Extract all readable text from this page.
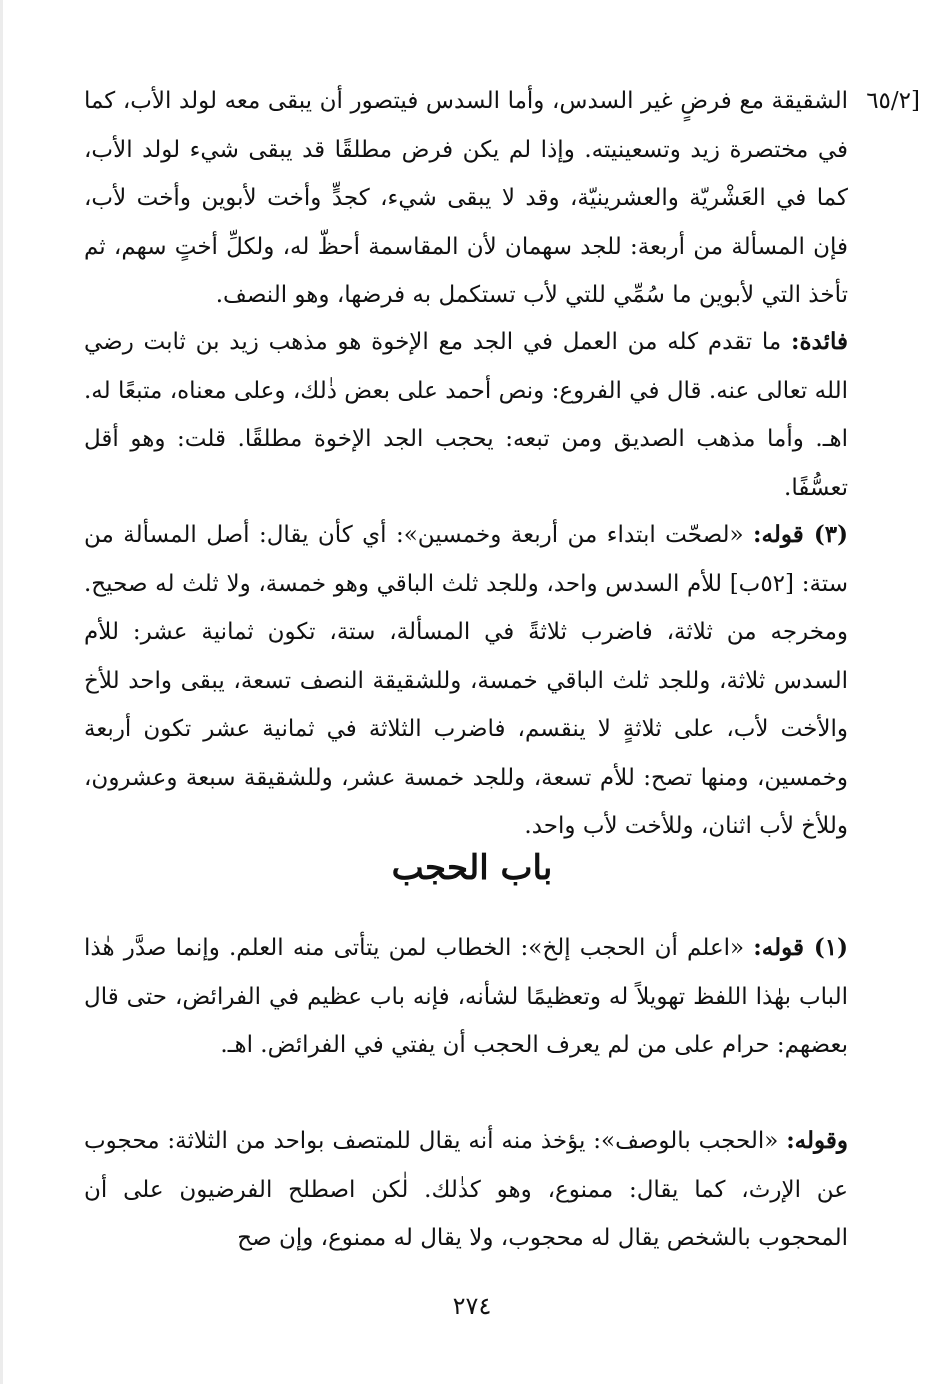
[٦٥/٢

الشقيقة مع فرضٍ غير السدس، وأما السدس فيتصور أن يبقى معه لولد الأب، كما في مختصرة زيد وتسعينيته. وإذا لم يكن فرض مطلقًا قد يبقى شيء لولد الأب، كما في العَشْريّة والعشرينيّة، وقد لا يبقى شيء، كجدٍّ وأخت لأبوين وأخت لأب، فإن المسألة من أربعة: للجد سهمان لأن المقاسمة أحظّ له، ولكلِّ أختٍ سهم، ثم تأخذ التي لأبوين ما سُمِّي للتي لأب تستكمل به فرضها، وهو النصف.

فائدة: ما تقدم كله من العمل في الجد مع الإخوة هو مذهب زيد بن ثابت رضي الله تعالى عنه. قال في الفروع: ونص أحمد على بعض ذٰلك، وعلى معناه، متبعًا له. اهـ. وأما مذهب الصديق ومن تبعه: يحجب الجد الإخوة مطلقًا. قلت: وهو أقل تعسُّفًا.

(٣) قوله: «لصحّت ابتداء من أربعة وخمسين»: أي كأن يقال: أصل المسألة من ستة: [٥٢ب] للأم السدس واحد، وللجد ثلث الباقي وهو خمسة، ولا ثلث له صحيح. ومخرجه من ثلاثة، فاضرب ثلاثةً في المسألة، ستة، تكون ثمانية عشر: للأم السدس ثلاثة، وللجد ثلث الباقي خمسة، وللشقيقة النصف تسعة، يبقى واحد للأخ والأخت لأب، على ثلاثةٍ لا ينقسم، فاضرب الثلاثة في ثمانية عشر تكون أربعة وخمسين، ومنها تصح: للأم تسعة، وللجد خمسة عشر، وللشقيقة سبعة وعشرون، وللأخ لأب اثنان، وللأخت لأب واحد.

باب الحجب

(١) قوله: «اعلم أن الحجب إلخ»: الخطاب لمن يتأتى منه العلم. وإنما صدَّر هٰذا الباب بهٰذا اللفظ تهويلاً له وتعظيمًا لشأنه، فإنه باب عظيم في الفرائض، حتى قال بعضهم: حرام على من لم يعرف الحجب أن يفتي في الفرائض. اهـ.

وقوله: «الحجب بالوصف»: يؤخذ منه أنه يقال للمتصف بواحد من الثلاثة: محجوب عن الإرث، كما يقال: ممنوع، وهو كذٰلك. لٰكن اصطلح الفرضيون على أن المحجوب بالشخص يقال له محجوب، ولا يقال له ممنوع، وإن صح

٢٧٤
